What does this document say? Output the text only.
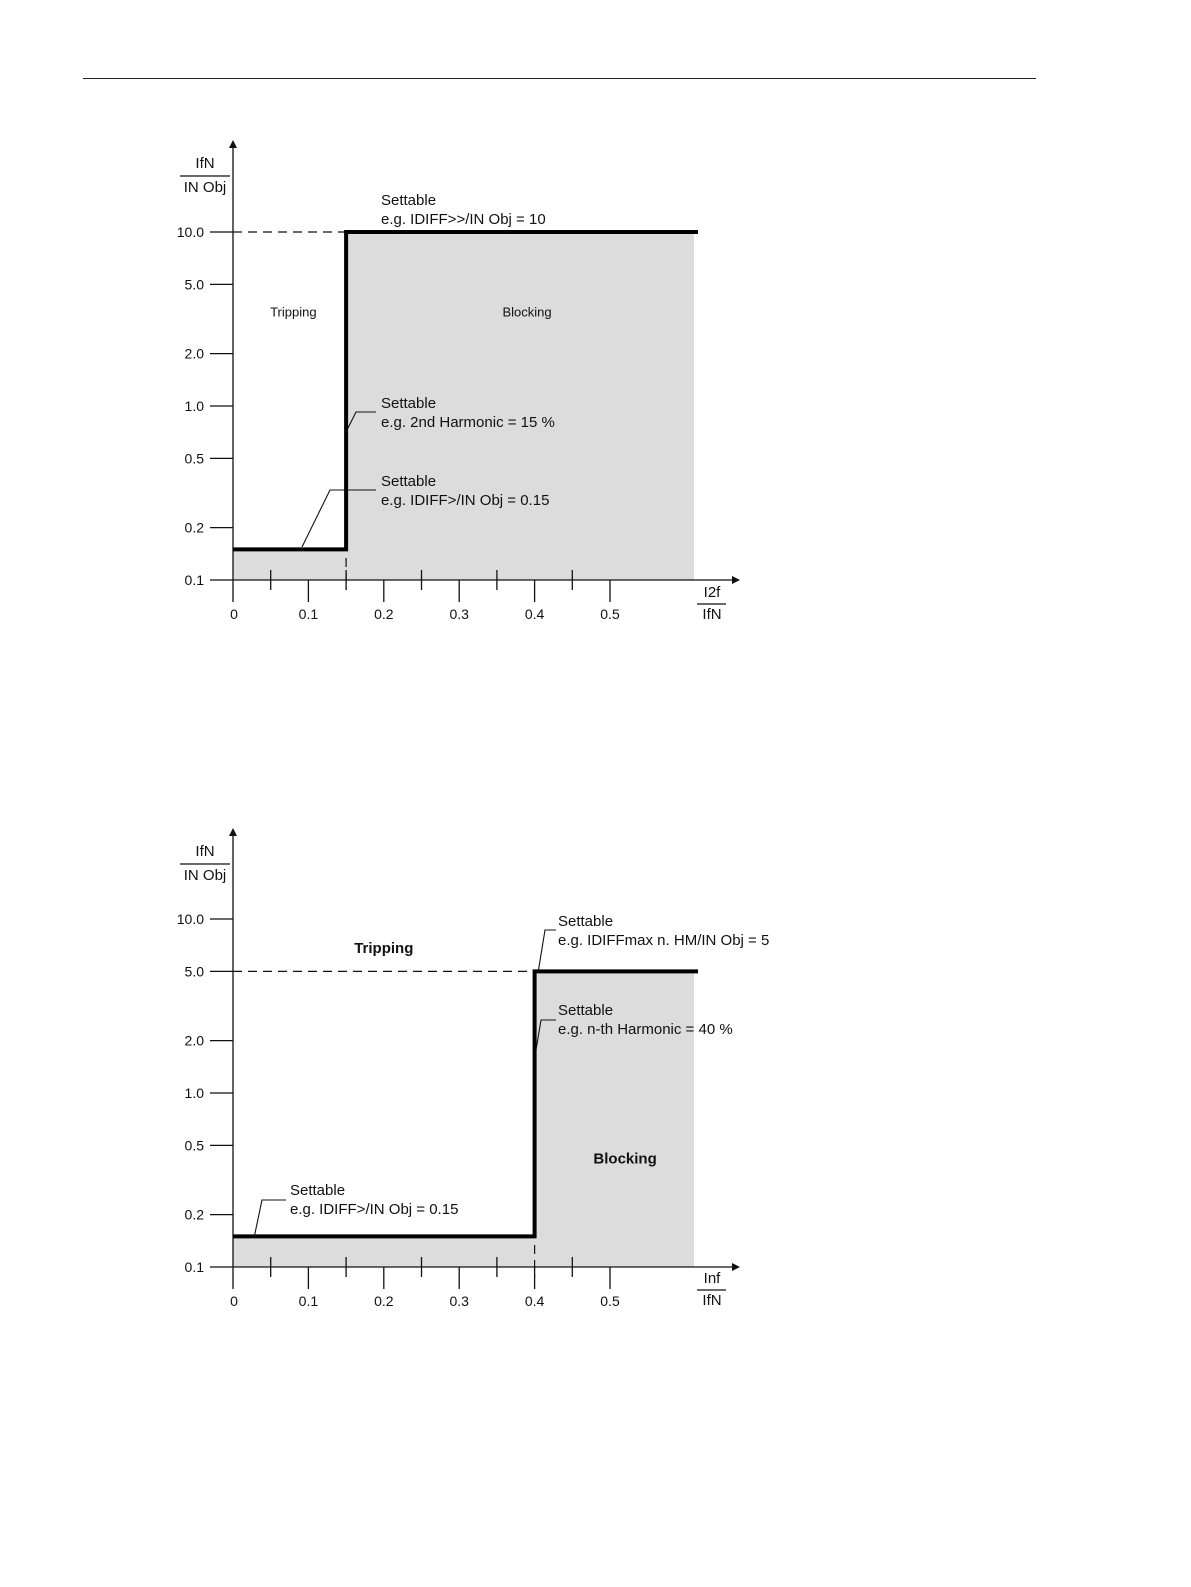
0.1
0.2
0.5
1.0
2.0
5.0
10.0
0	0.1	0.2	0.3	0.4	0.5
IfN
IN Obj
I2f
IfN
Tripping	Blocking
Settable
e.g. IDIFF>>/IN Obj = 10
Settable
e.g. 2nd Harmonic = 15 %
Settable
e.g. IDIFF>/IN Obj = 0.15
0.1
0.2
0.5
1.0
2.0
5.0
10.0
0	0.1	0.2	0.3	0.4	0.5
IfN
IN Obj
Inf
IfN
Tripping
Blocking
Settable
e.g. IDIFFmax n. HM/IN Obj = 5
Settable
e.g. n-th Harmonic = 40 %
Settable
e.g. IDIFF>/IN Obj = 0.15
